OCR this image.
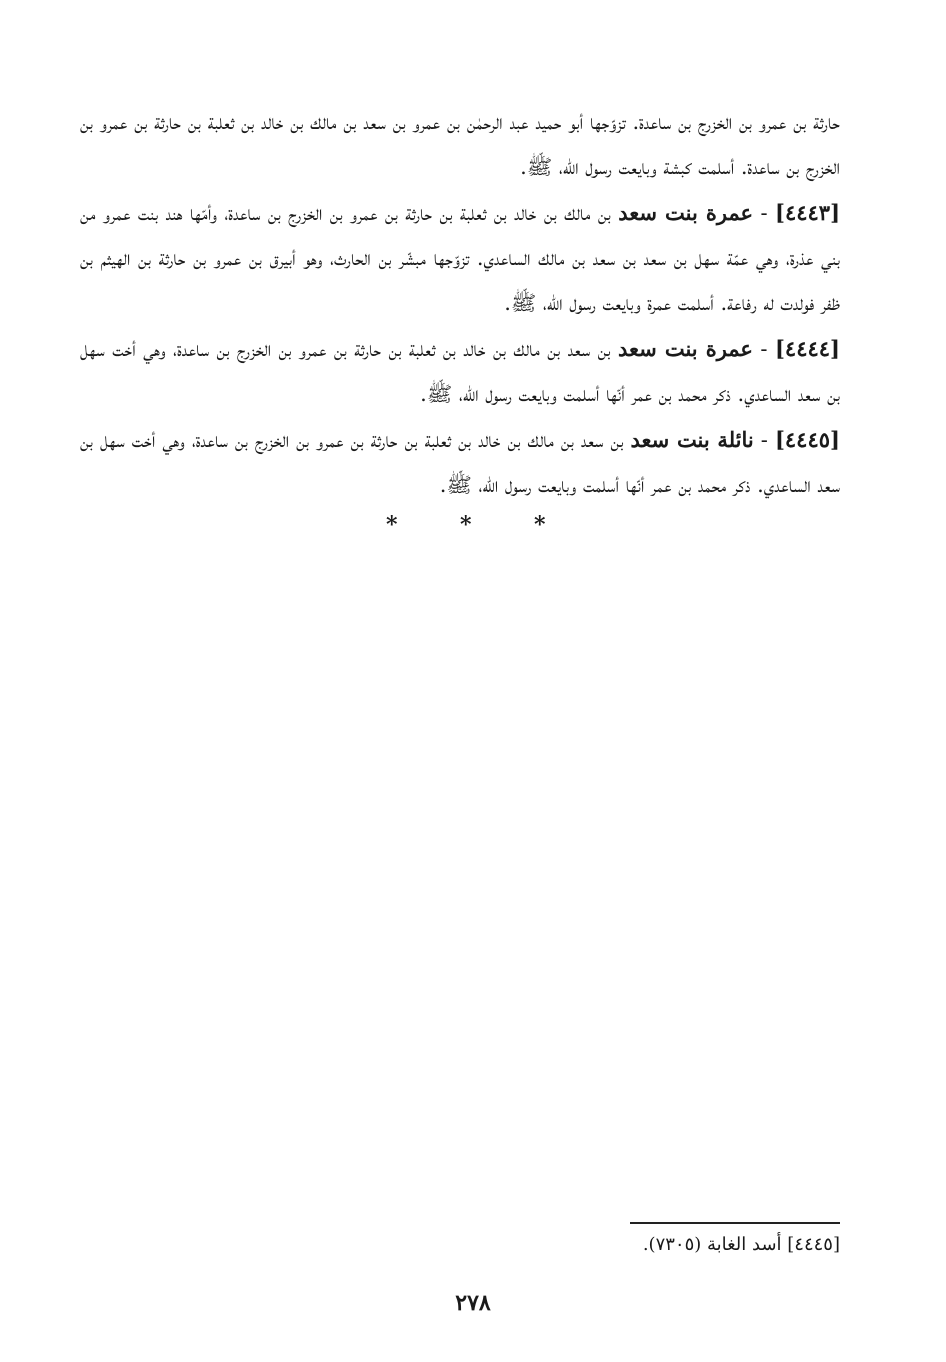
حارثة بن عمرو بن الخزرج بن ساعدة. تزوّجها أبو حميد عبد الرحمٰن بن عمرو بن سعد بن مالك بن خالد بن ثعلبة بن حارثة بن عمرو بن الخزرج بن ساعدة. أسلمت كبشة وبايعت رسول الله، ﷺ.

[٤٤٤٣] - عمرة بنت سعد بن مالك بن خالد بن ثعلبة بن حارثة بن عمرو بن الخزرج بن ساعدة، وأمّها هند بنت عمرو من بني عذرة، وهي عمّة سهل بن سعد بن سعد بن مالك الساعدي. تزوّجها مبشّر بن الحارث، وهو أبيرق بن عمرو بن حارثة بن الهيثم بن ظفر فولدت له رفاعة. أسلمت عمرة وبايعت رسول الله، ﷺ.

[٤٤٤٤] - عمرة بنت سعد بن سعد بن مالك بن خالد بن ثعلبة بن حارثة بن عمرو بن الخزرج بن ساعدة، وهي أخت سهل بن سعد الساعدي. ذكر محمد بن عمر أنّها أسلمت وبايعت رسول الله، ﷺ.

[٤٤٤٥] - نائلة بنت سعد بن سعد بن مالك بن خالد بن ثعلبة بن حارثة بن عمرو بن الخزرج بن ساعدة، وهي أخت سهل بن سعد الساعدي. ذكر محمد بن عمر أنّها أسلمت وبايعت رسول الله، ﷺ.

*	*	*
[٤٤٤٥] أسد الغابة (٧٣٠٥).
٢٧٨
